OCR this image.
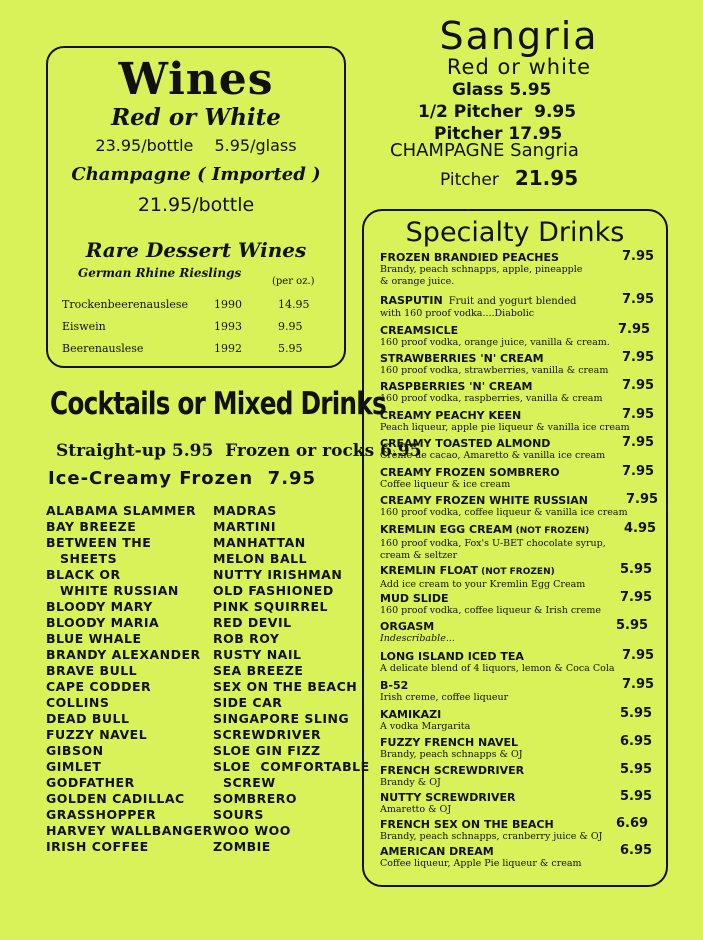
Wines
Red or White
23.95/bottle 5.95/glass
Champagne ( Imported )
21.95/bottle
Rare Dessert Wines
German Rhine Rieslings
(per oz.)
Trockenbeerenauslese 1990	14.95
Eiswein	1993	9.95
Beerenauslese	1992	5.95
Sangria
Red or white
Glass 5.95
1/2 Pitcher  9.95
Pitcher 17.95
CHAMPAGNE Sangria
Pitcher 21.95
Specialty Drinks
FROZEN BRANDIED PEACHES
Brandy, peach schnapps, apple, pineapple
& orange juice.
7.95
RASPUTIN Fruit and yogurt blended
with 160 proof vodka....Diabolic
7.95
CREAMSICLE
160 proof vodka, orange juice, vanilla & cream.
7.95
STRAWBERRIES 'N' CREAM
160 proof vodka, strawberries, vanilla & cream
7.95
RASPBERRIES 'N' CREAM
160 proof vodka, raspberries, vanilla & cream
7.95
CREAMY PEACHY KEEN
Peach liqueur, apple pie liqueur & vanilla ice cream
7.95
CREAMY TOASTED ALMOND
Crème de cacao, Amaretto & vanilla ice cream
7.95
CREAMY FROZEN SOMBRERO
Coffee liqueur & ice cream
7.95
CREAMY FROZEN WHITE RUSSIAN
160 proof vodka, coffee liqueur & vanilla ice cream
7.95
KREMLIN EGG CREAM (NOT FROZEN)
160 proof vodka, Fox's U-BET chocolate syrup,
cream & seltzer
4.95
KREMLIN FLOAT (NOT FROZEN)
Add ice cream to your Kremlin Egg Cream
5.95
MUD SLIDE
160 proof vodka, coffee liqueur & Irish creme
7.95
ORGASM
Indescribable...
5.95
LONG ISLAND ICED TEA
A delicate blend of 4 liquors, lemon & Coca Cola
7.95
B-52
Irish creme, coffee liqueur
7.95
KAMIKAZI
A vodka Margarita
5.95
FUZZY FRENCH NAVEL
Brandy, peach schnapps & OJ
6.95
FRENCH SCREWDRIVER
Brandy & OJ
5.95
NUTTY SCREWDRIVER
Amaretto & OJ
5.95
FRENCH SEX ON THE BEACH
Brandy, peach schnapps, cranberry juice & OJ
6.69
AMERICAN DREAM
Coffee liqueur, Apple Pie liqueur & cream
6.95
Cocktails or Mixed Drinks
Straight-up 5.95  Frozen or rocks 6.95
Ice-Creamy Frozen  7.95
ALABAMA SLAMMER
BAY BREEZE
BETWEEN THE
SHEETS
BLACK OR
WHITE RUSSIAN
BLOODY MARY
BLOODY MARIA
BLUE WHALE
BRANDY ALEXANDER
BRAVE BULL
CAPE CODDER
COLLINS
DEAD BULL
FUZZY NAVEL
GIBSON
GIMLET
GODFATHER
GOLDEN CADILLAC
GRASSHOPPER
HARVEY WALLBANGER
IRISH COFFEE
MADRAS
MARTINI
MANHATTAN
MELON BALL
NUTTY IRISHMAN
OLD FASHIONED
PINK SQUIRREL
RED DEVIL
ROB ROY
RUSTY NAIL
SEA BREEZE
SEX ON THE BEACH
SIDE CAR
SINGAPORE SLING
SCREWDRIVER
SLOE GIN FIZZ
SLOE  COMFORTABLE
SCREW
SOMBRERO
SOURS
WOO WOO
ZOMBIE
